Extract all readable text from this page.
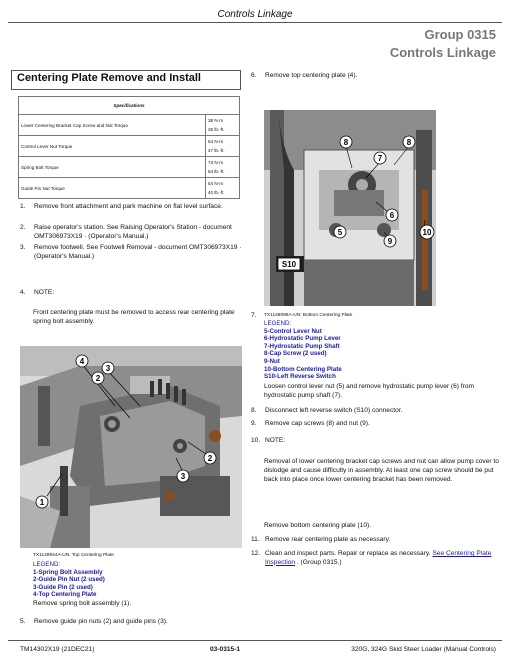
Controls Linkage
Group 0315
Controls Linkage
Centering Plate Remove and Install
Specifications	
Lower Centering Bracket Cap Screw and Nut Torque	38 N·m
28 lb.-ft.
Control Lever Nut Torque	64 N·m
47 lb.-ft.
Spring Bolt Torque	73 N·m
54 lb.-ft.
Guide Pin Nut Torque	54 N·m
40 lb.-ft.
1.	Remove front attachment and park machine on flat level surface.
2.	Raise operator's station. See Raising Operator's Station - document OMT306973X19 · (Operator's Manual.)
3.	Remove footwell. See Footwell Removal - document OMT306973X19 · (Operator's Manual.)
4.	NOTE:
Front centering plate must be removed to access rear centering plate spring bolt assembly.
4
2
3
1
2
3
TX1148944A-UN: Top Centering Plate
LEGEND:
1-Spring Bolt Assembly
2-Guide Pin Nut (2 used)
3-Guide Pin (2 used)
4-Top Centering Plate
Remove spring bolt assembly (1).
5.	Remove guide pin nuts (2) and guide pins (3).
6.	Remove top centering plate (4).
8	8
7
6
5
9
10
S10
7. TX1148095A-UN: Bottom Centering Plate
LEGEND:
5-Control Lever Nut
6-Hydrostatic Pump Lever
7-Hydrostatic Pump Shaft
8-Cap Screw (2 used)
9-Nut
10-Bottom Centering Plate
S10-Left Reverse Switch
Loosen control lever nut (5) and remove hydrostatic pump lever (6) from hydrostatic pump shaft (7).
8.	Disconnect left reverse switch (S10) connector.
9.	Remove cap screws (8) and nut (9).
10. NOTE:
Removal of lower centering bracket cap screws and nut can allow pump cover to dislodge and cause difficulty in assembly. At least one cap screw should be put back into place once lower centering bracket has been removed.
Remove bottom centering plate (10).
11. Remove rear centering plate as necessary.
12. Clean and inspect parts. Repair or replace as necessary. See Centering Plate Inspection . (Group 0315.)
TM14302X19 (21DEC21)	03-0315-1	320G, 324G Skid Steer Loader (Manual Controls)
